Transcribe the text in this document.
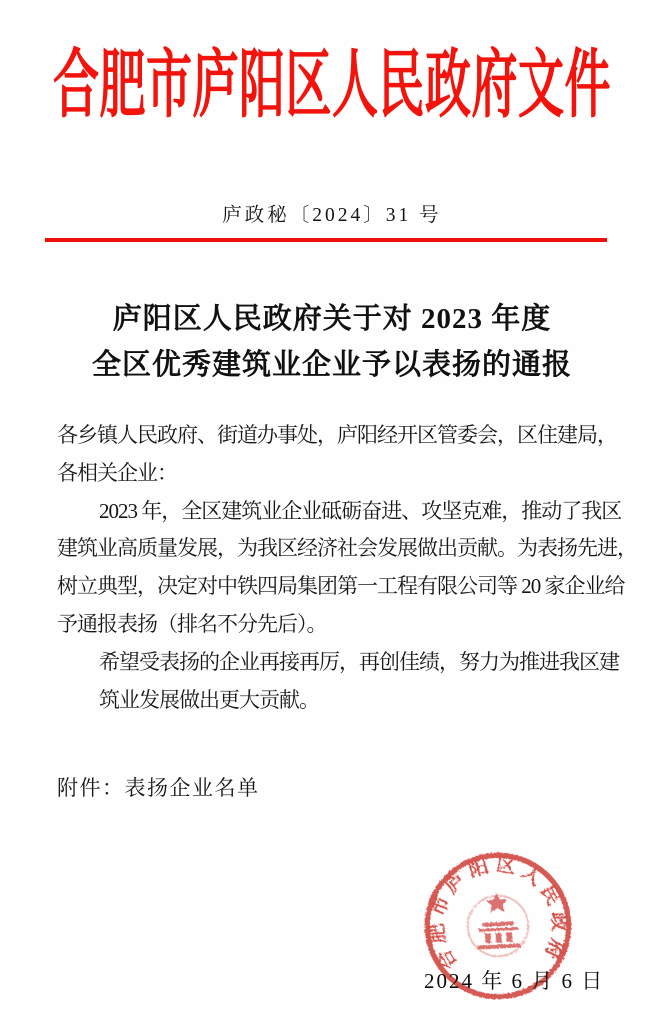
合肥市庐阳区人民政府文件
庐政秘〔2024〕31 号
庐阳区人民政府关于对 2023 年度
全区优秀建筑业企业予以表扬的通报
各乡镇人民政府、街道办事处，庐阳经开区管委会，区住建局，
各相关企业：
2023 年，全区建筑业企业砥砺奋进、攻坚克难，推动了我区
建筑业高质量发展，为我区经济社会发展做出贡献。为表扬先进，
树立典型，决定对中铁四局集团第一工程有限公司等 20 家企业给
予通报表扬（排名不分先后）。
希望受表扬的企业再接再厉，再创佳绩，努力为推进我区建
筑业发展做出更大贡献。
附件：表扬企业名单
合肥市庐阳区人民政府
2024 年 6 月 6 日
